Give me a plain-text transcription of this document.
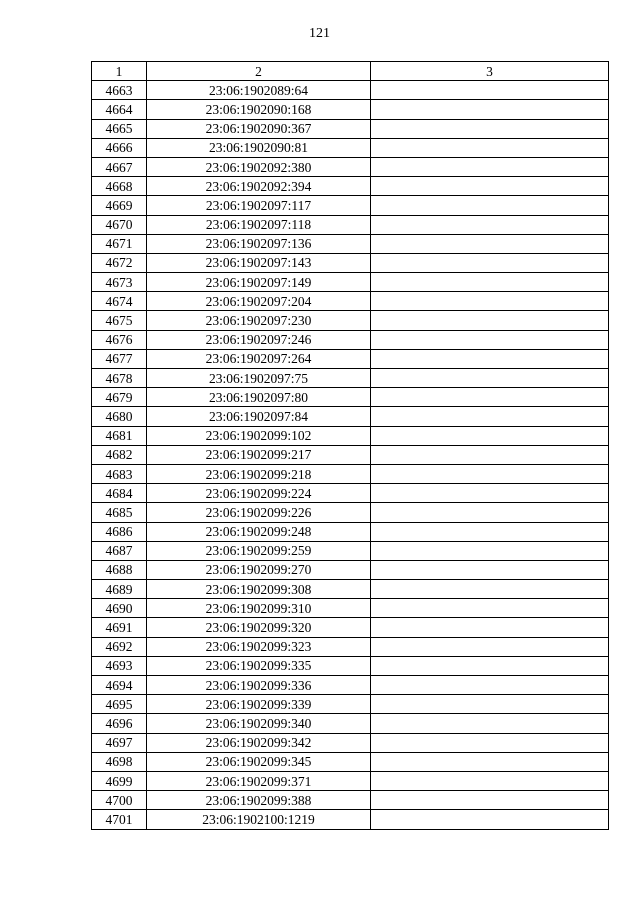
121
1	2	3
4663	23:06:1902089:64	
4664	23:06:1902090:168	
4665	23:06:1902090:367	
4666	23:06:1902090:81	
4667	23:06:1902092:380	
4668	23:06:1902092:394	
4669	23:06:1902097:117	
4670	23:06:1902097:118	
4671	23:06:1902097:136	
4672	23:06:1902097:143	
4673	23:06:1902097:149	
4674	23:06:1902097:204	
4675	23:06:1902097:230	
4676	23:06:1902097:246	
4677	23:06:1902097:264	
4678	23:06:1902097:75	
4679	23:06:1902097:80	
4680	23:06:1902097:84	
4681	23:06:1902099:102	
4682	23:06:1902099:217	
4683	23:06:1902099:218	
4684	23:06:1902099:224	
4685	23:06:1902099:226	
4686	23:06:1902099:248	
4687	23:06:1902099:259	
4688	23:06:1902099:270	
4689	23:06:1902099:308	
4690	23:06:1902099:310	
4691	23:06:1902099:320	
4692	23:06:1902099:323	
4693	23:06:1902099:335	
4694	23:06:1902099:336	
4695	23:06:1902099:339	
4696	23:06:1902099:340	
4697	23:06:1902099:342	
4698	23:06:1902099:345	
4699	23:06:1902099:371	
4700	23:06:1902099:388	
4701	23:06:1902100:1219	
